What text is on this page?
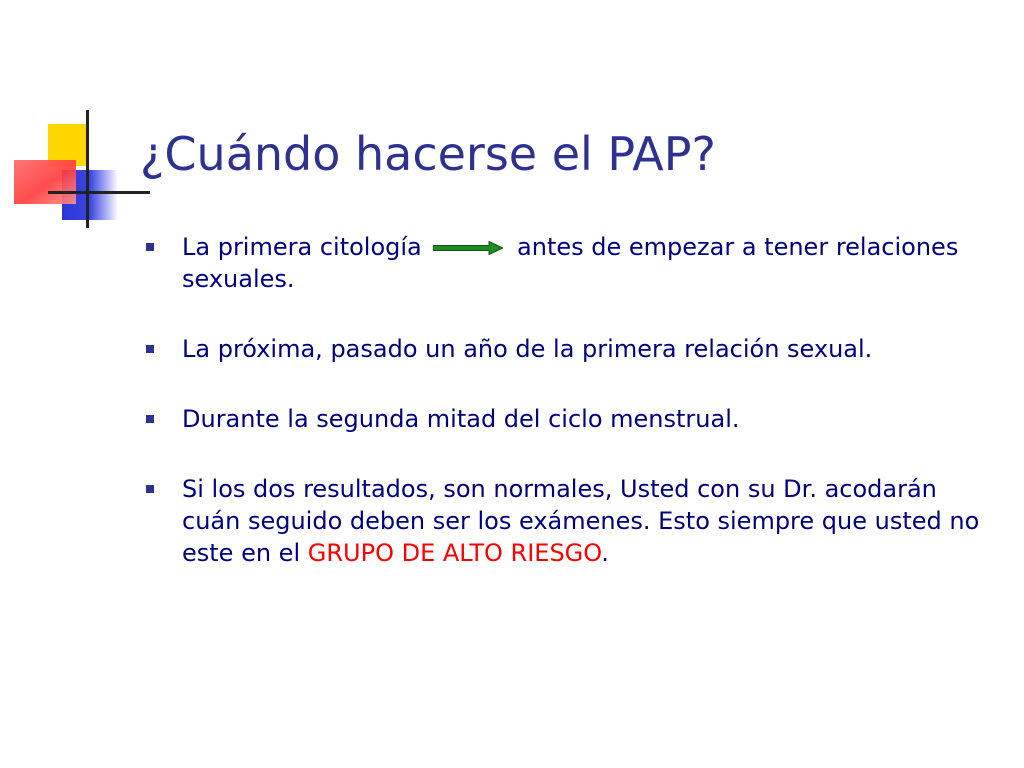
¿Cuándo hacerse el PAP?
La primera citología	antes de empezar a tener relaciones sexuales.
La próxima, pasado un año de la primera relación sexual.
Durante la segunda mitad del ciclo menstrual.
Si los dos resultados, son normales, Usted con su Dr. acodarán cuán seguido deben ser los exámenes. Esto siempre que usted no este en el GRUPO DE ALTO RIESGO.
